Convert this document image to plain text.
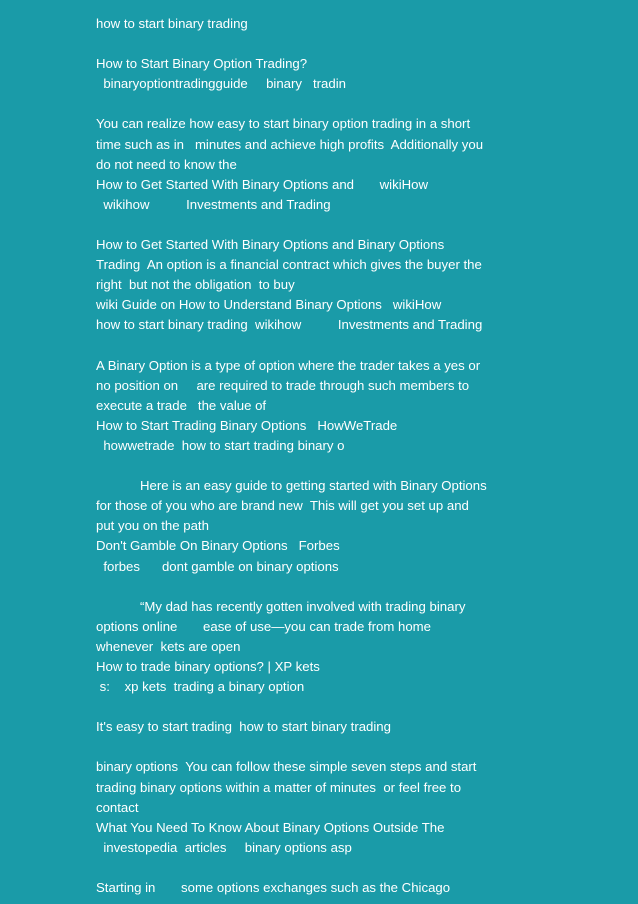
how to start binary trading
How to Start Binary Option Trading?
binaryoptiontradingguide     binary   tradin
You can realize how easy to start binary option trading in a short
time such as in   minutes and achieve high profits  Additionally you
do not need to know the
How to Get Started With Binary Options and       wikiHow
wikihow          Investments and Trading
How to Get Started With Binary Options and Binary Options
Trading  An option is a financial contract which gives the buyer the
right  but not the obligation  to buy
wiki Guide on How to Understand Binary Options   wikiHow
how to start binary trading  wikihow          Investments and Trading
A Binary Option is a type of option where the trader takes a yes or
no position on     are required to trade through such members to
execute a trade   the value of
How to Start Trading Binary Options   HowWeTrade
howwetrade  how to start trading binary o
Here is an easy guide to getting started with Binary Options
for those of you who are brand new  This will get you set up and
put you on the path
Don't Gamble On Binary Options   Forbes
forbes      dont gamble on binary options
“My dad has recently gotten involved with trading binary
options online       ease of use—you can trade from home
whenever  kets are open
How to trade binary options? | XP kets
s:    xp kets  trading a binary option
It's easy to start trading  how to start binary trading
binary options  You can follow these simple seven steps and start
trading binary options within a matter of minutes  or feel free to
contact
What You Need To Know About Binary Options Outside The
investopedia  articles     binary options asp
Starting in       some options exchanges such as the Chicago
